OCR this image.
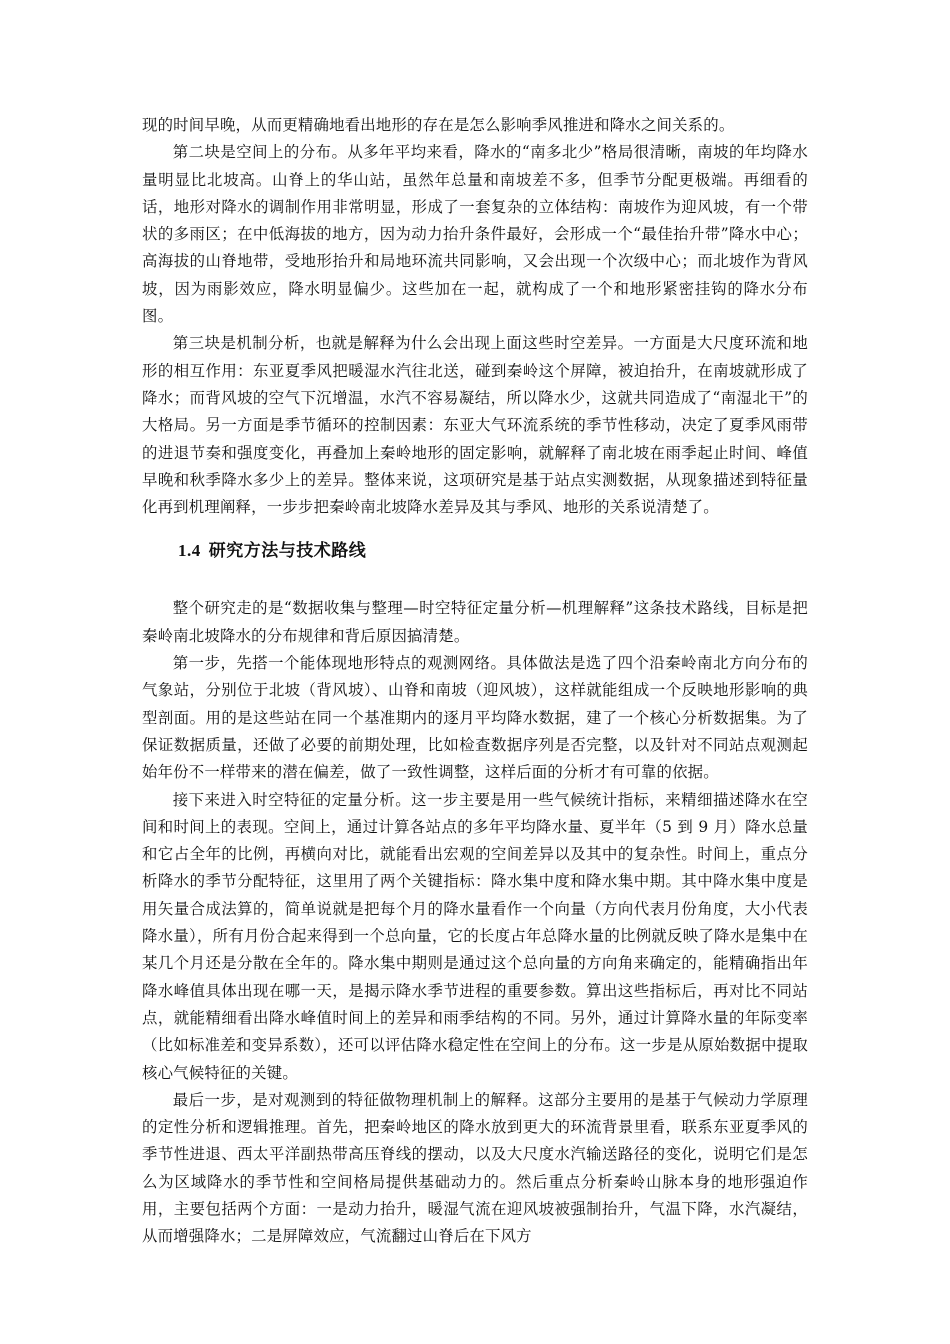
现的时间早晚，从而更精确地看出地形的存在是怎么影响季风推进和降水之间关系的。

第二块是空间上的分布。从多年平均来看，降水的“南多北少”格局很清晰，南坡的年均降水量明显比北坡高。山脊上的华山站，虽然年总量和南坡差不多，但季节分配更极端。再细看的话，地形对降水的调制作用非常明显，形成了一套复杂的立体结构：南坡作为迎风坡，有一个带状的多雨区；在中低海拔的地方，因为动力抬升条件最好，会形成一个“最佳抬升带”降水中心；高海拔的山脊地带，受地形抬升和局地环流共同影响，又会出现一个次级中心；而北坡作为背风坡，因为雨影效应，降水明显偏少。这些加在一起，就构成了一个和地形紧密挂钩的降水分布图。

第三块是机制分析，也就是解释为什么会出现上面这些时空差异。一方面是大尺度环流和地形的相互作用：东亚夏季风把暖湿水汽往北送，碰到秦岭这个屏障，被迫抬升，在南坡就形成了降水；而背风坡的空气下沉增温，水汽不容易凝结，所以降水少，这就共同造成了“南湿北干”的大格局。另一方面是季节循环的控制因素：东亚大气环流系统的季节性移动，决定了夏季风雨带的进退节奏和强度变化，再叠加上秦岭地形的固定影响，就解释了南北坡在雨季起止时间、峰值早晚和秋季降水多少上的差异。整体来说，这项研究是基于站点实测数据，从现象描述到特征量化再到机理阐释，一步步把秦岭南北坡降水差异及其与季风、地形的关系说清楚了。

1.4 研究方法与技术路线

整个研究走的是“数据收集与整理—时空特征定量分析—机理解释”这条技术路线，目标是把秦岭南北坡降水的分布规律和背后原因搞清楚。

第一步，先搭一个能体现地形特点的观测网络。具体做法是选了四个沿秦岭南北方向分布的气象站，分别位于北坡（背风坡）、山脊和南坡（迎风坡），这样就能组成一个反映地形影响的典型剖面。用的是这些站在同一个基准期内的逐月平均降水数据，建了一个核心分析数据集。为了保证数据质量，还做了必要的前期处理，比如检查数据序列是否完整，以及针对不同站点观测起始年份不一样带来的潜在偏差，做了一致性调整，这样后面的分析才有可靠的依据。

接下来进入时空特征的定量分析。这一步主要是用一些气候统计指标，来精细描述降水在空间和时间上的表现。空间上，通过计算各站点的多年平均降水量、夏半年（5 到 9 月）降水总量和它占全年的比例，再横向对比，就能看出宏观的空间差异以及其中的复杂性。时间上，重点分析降水的季节分配特征，这里用了两个关键指标：降水集中度和降水集中期。其中降水集中度是用矢量合成法算的，简单说就是把每个月的降水量看作一个向量（方向代表月份角度，大小代表降水量），所有月份合起来得到一个总向量，它的长度占年总降水量的比例就反映了降水是集中在某几个月还是分散在全年的。降水集中期则是通过这个总向量的方向角来确定的，能精确指出年降水峰值具体出现在哪一天，是揭示降水季节进程的重要参数。算出这些指标后，再对比不同站点，就能精细看出降水峰值时间上的差异和雨季结构的不同。另外，通过计算降水量的年际变率（比如标准差和变异系数），还可以评估降水稳定性在空间上的分布。这一步是从原始数据中提取核心气候特征的关键。

最后一步，是对观测到的特征做物理机制上的解释。这部分主要用的是基于气候动力学原理的定性分析和逻辑推理。首先，把秦岭地区的降水放到更大的环流背景里看，联系东亚夏季风的季节性进退、西太平洋副热带高压脊线的摆动，以及大尺度水汽输送路径的变化，说明它们是怎么为区域降水的季节性和空间格局提供基础动力的。然后重点分析秦岭山脉本身的地形强迫作用，主要包括两个方面：一是动力抬升，暖湿气流在迎风坡被强制抬升，气温下降，水汽凝结，从而增强降水；二是屏障效应，气流翻过山脊后在下风方
